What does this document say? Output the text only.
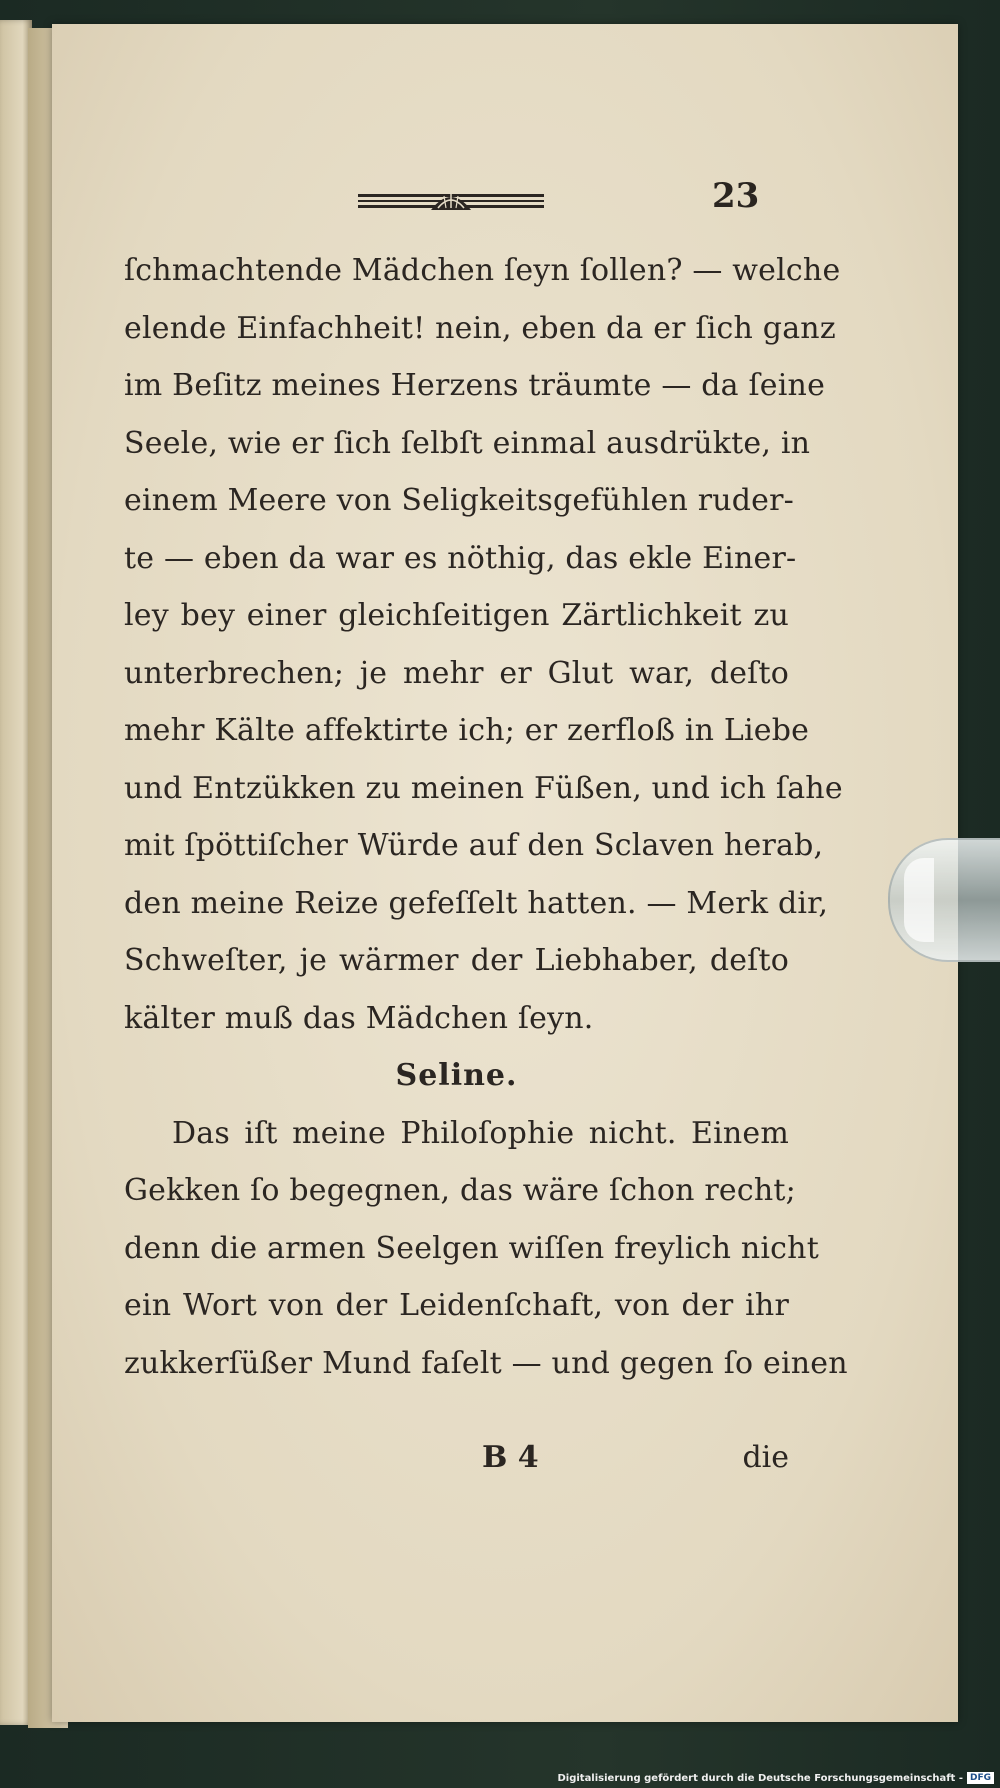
23
ſchmachtende Mädchen ſeyn ſollen? — welche
elende Einfachheit! nein, eben da er ſich ganz
im Beſitz meines Herzens träumte — da ſeine
Seele, wie er ſich ſelbſt einmal ausdrükte, in
einem Meere von Seligkeitsgefühlen ruder-
te — eben da war es nöthig, das ekle Einer-
ley bey einer gleichſeitigen Zärtlichkeit zu
unterbrechen; je mehr er Glut war, deſto
mehr Kälte affektirte ich; er zerfloß in Liebe
und Entzükken zu meinen Füßen, und ich ſahe
mit ſpöttiſcher Würde auf den Sclaven herab,
den meine Reize gefeſſelt hatten. — Merk dir,
Schweſter, je wärmer der Liebhaber, deſto
kälter muß das Mädchen ſeyn.
Seline.
Das iſt meine Philoſophie nicht. Einem
Gekken ſo begegnen, das wäre ſchon recht;
denn die armen Seelgen wiſſen freylich nicht
ein Wort von der Leidenſchaft, von der ihr
zukkerſüßer Mund faſelt — und gegen ſo einen
B 4	die
Digitalisierung gefördert durch die Deutsche Forschungsgemeinschaft - DFG
